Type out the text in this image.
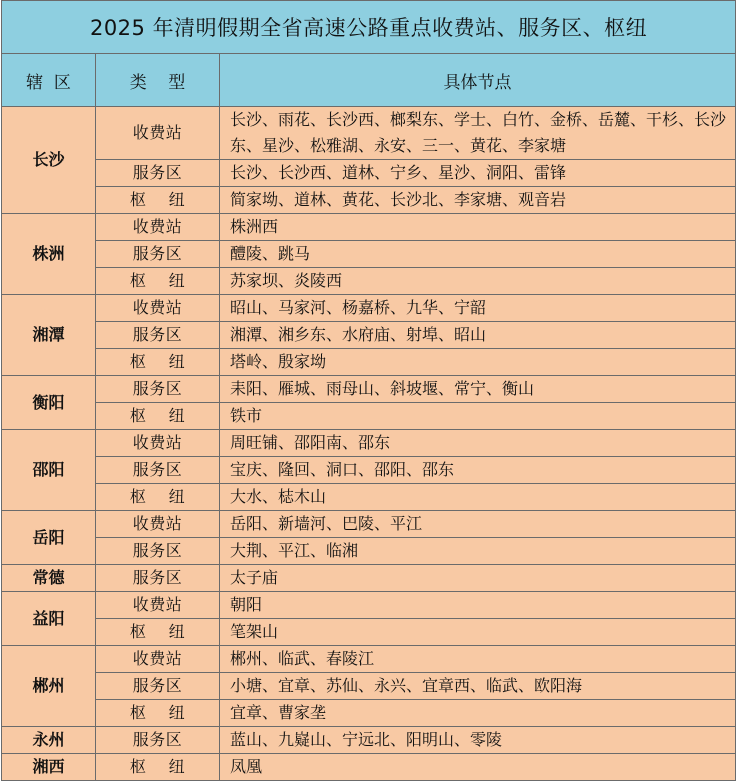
2025 年清明假期全省高速公路重点收费站、服务区、枢纽		
辖  区	类    型	具体节点
长沙	收费站	长沙、雨花、长沙西、榔梨东、学士、白竹、金桥、岳麓、干杉、长沙东、星沙、松雅湖、永安、三一、黄花、李家塘
	服务区	长沙、长沙西、道林、宁乡、星沙、洞阳、雷锋
	枢    纽	简家坳、道林、黄花、长沙北、李家塘、观音岩
株洲	收费站	株洲西
	服务区	醴陵、跳马
	枢    纽	苏家坝、炎陵西
湘潭	收费站	昭山、马家河、杨嘉桥、九华、宁韶
	服务区	湘潭、湘乡东、水府庙、射埠、昭山
	枢    纽	塔岭、殷家坳
衡阳	服务区	耒阳、雁城、雨母山、斜坡堰、常宁、衡山
	枢    纽	铁市
邵阳	收费站	周旺铺、邵阳南、邵东
	服务区	宝庆、隆回、洞口、邵阳、邵东
	枢    纽	大水、梽木山
岳阳	收费站	岳阳、新墙河、巴陵、平江
	服务区	大荆、平江、临湘
常德	服务区	太子庙
益阳	收费站	朝阳
	枢    纽	笔架山
郴州	收费站	郴州、临武、春陵江
	服务区	小塘、宜章、苏仙、永兴、宜章西、临武、欧阳海
	枢    纽	宜章、曹家垄
永州	服务区	蓝山、九嶷山、宁远北、阳明山、零陵
湘西	枢    纽	凤凰
